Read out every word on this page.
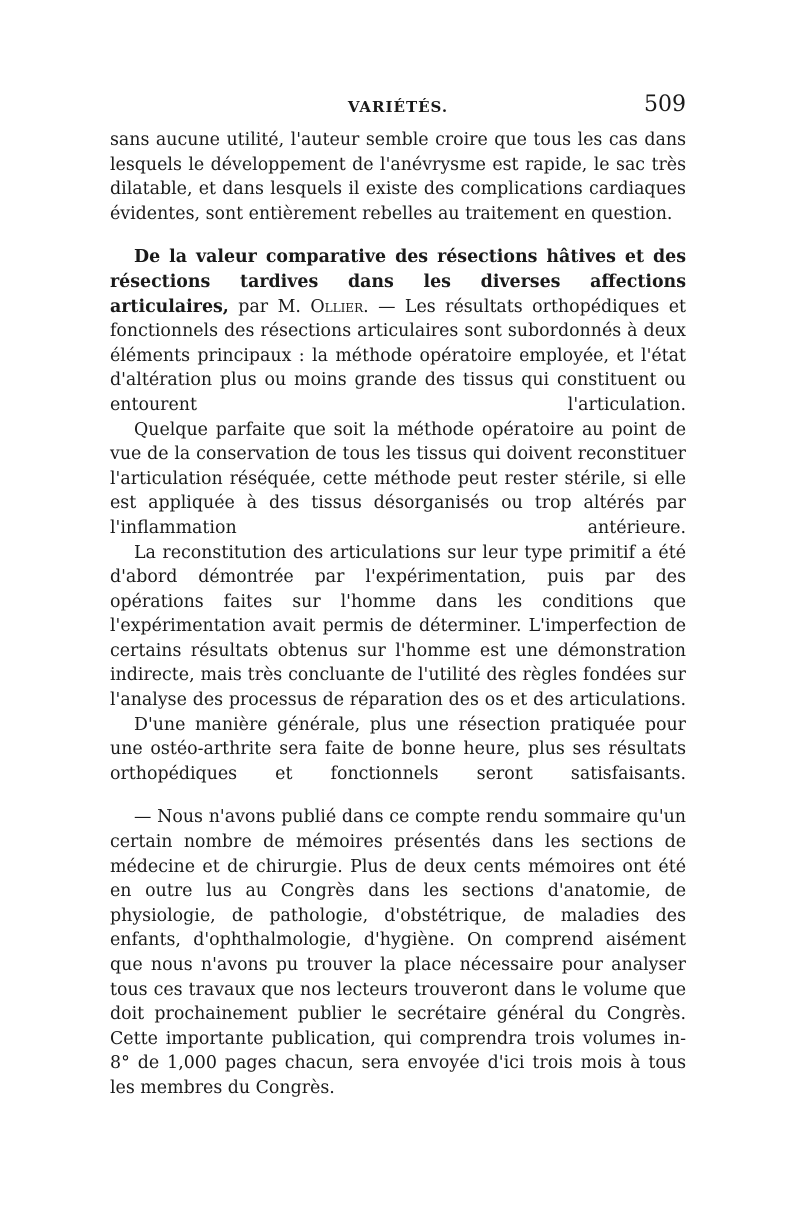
VARIÉTÉS.	509

sans aucune utilité, l'auteur semble croire que tous les cas dans lesquels le développement de l'anévrysme est rapide, le sac très dilatable, et dans lesquels il existe des complications cardiaques évidentes, sont entièrement rebelles au traitement en question.

De la valeur comparative des résections hâtives et des résections tardives dans les diverses affections articulaires, par M. Ollier. — Les résultats orthopédiques et fonctionnels des résections articulaires sont subordonnés à deux éléments principaux : la méthode opératoire employée, et l'état d'altération plus ou moins grande des tissus qui constituent ou entourent l'articulation.

Quelque parfaite que soit la méthode opératoire au point de vue de la conservation de tous les tissus qui doivent reconstituer l'articulation réséquée, cette méthode peut rester stérile, si elle est appliquée à des tissus désorganisés ou trop altérés par l'inflammation antérieure.

La reconstitution des articulations sur leur type primitif a été d'abord démontrée par l'expérimentation, puis par des opérations faites sur l'homme dans les conditions que l'expérimentation avait permis de déterminer. L'imperfection de certains résultats obtenus sur l'homme est une démonstration indirecte, mais très concluante de l'utilité des règles fondées sur l'analyse des processus de réparation des os et des articulations.

D'une manière générale, plus une résection pratiquée pour une ostéo-arthrite sera faite de bonne heure, plus ses résultats orthopédiques et fonctionnels seront satisfaisants.

— Nous n'avons publié dans ce compte rendu sommaire qu'un certain nombre de mémoires présentés dans les sections de médecine et de chirurgie. Plus de deux cents mémoires ont été en outre lus au Congrès dans les sections d'anatomie, de physiologie, de pathologie, d'obstétrique, de maladies des enfants, d'ophthalmologie, d'hygiène. On comprend aisément que nous n'avons pu trouver la place nécessaire pour analyser tous ces travaux que nos lecteurs trouveront dans le volume que doit prochainement publier le secrétaire général du Congrès. Cette importante publication, qui comprendra trois volumes in-8° de 1,000 pages chacun, sera envoyée d'ici trois mois à tous les membres du Congrès.
